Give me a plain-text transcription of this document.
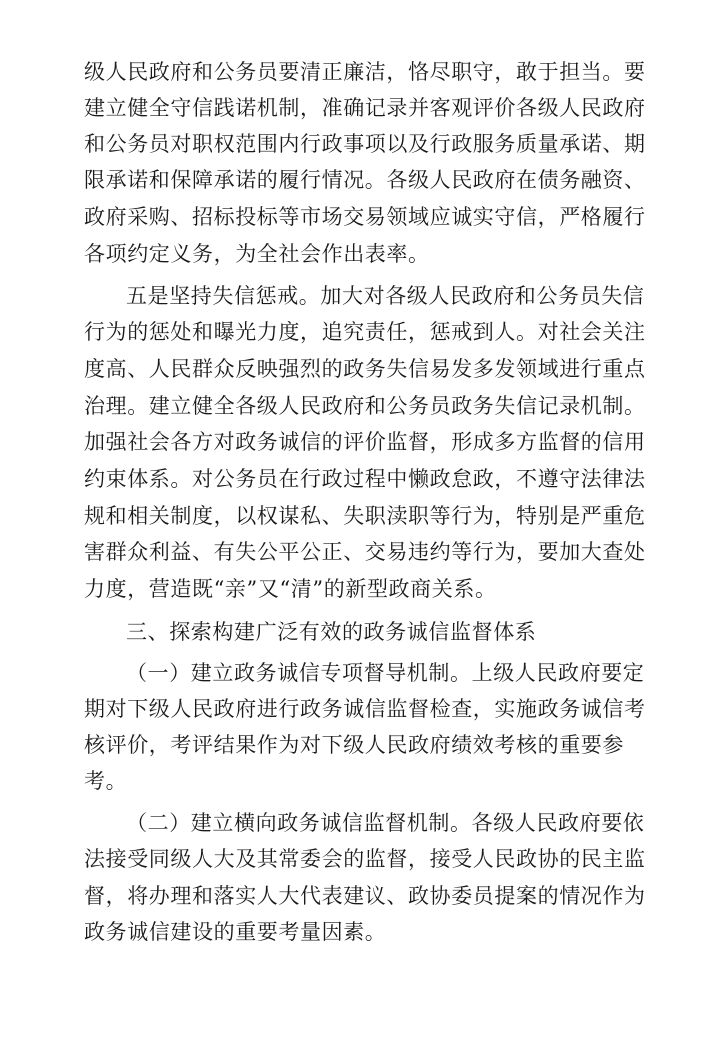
级人民政府和公务员要清正廉洁，恪尽职守，敢于担当。要
建立健全守信践诺机制，准确记录并客观评价各级人民政府
和公务员对职权范围内行政事项以及行政服务质量承诺、期
限承诺和保障承诺的履行情况。各级人民政府在债务融资、
政府采购、招标投标等市场交易领域应诚实守信，严格履行
各项约定义务，为全社会作出表率。
五是坚持失信惩戒。加大对各级人民政府和公务员失信
行为的惩处和曝光力度，追究责任，惩戒到人。对社会关注
度高、人民群众反映强烈的政务失信易发多发领域进行重点
治理。建立健全各级人民政府和公务员政务失信记录机制。
加强社会各方对政务诚信的评价监督，形成多方监督的信用
约束体系。对公务员在行政过程中懒政怠政，不遵守法律法
规和相关制度，以权谋私、失职渎职等行为，特别是严重危
害群众利益、有失公平公正、交易违约等行为，要加大查处
力度，营造既“亲”又“清”的新型政商关系。
三、探索构建广泛有效的政务诚信监督体系
（一）建立政务诚信专项督导机制。上级人民政府要定
期对下级人民政府进行政务诚信监督检查，实施政务诚信考
核评价，考评结果作为对下级人民政府绩效考核的重要参
考。
（二）建立横向政务诚信监督机制。各级人民政府要依
法接受同级人大及其常委会的监督，接受人民政协的民主监
督，将办理和落实人大代表建议、政协委员提案的情况作为
政务诚信建设的重要考量因素。
